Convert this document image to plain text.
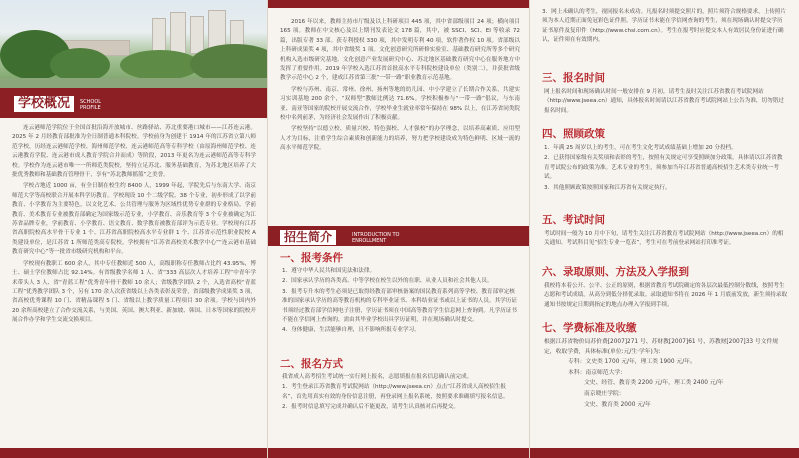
学校概况	SCHOOL PROFILE

连云港师范学院位于全国首批沿海开放城市、丝路驿站、苏北重要港口城市——江苏连云港。2025 年 2 月经教育部批准为全日制普通本科院校。学校前身为创建于 1914 年的江苏省立第八师范学校，历经连云港师范学校、海州师范学校、连云港师范高等专科学校（由原海州师范学校、连云港教育学院、连云港市成人教育学院合并而成）等阶段，2013 年更名为连云港师范高等专科学校。学校作为连云港市唯一一所师范类院校，坚持立足苏北、服务基础教育，为苏北地区培养了大批优秀教师和基础教育管理骨干，享有“苏北教师摇篮”之美誉。

学校占地近 1000 亩，有全日制在校生约 8400 人，1999 年起，学院先后与东南大学、南京师范大学等高校联合开展本科学历教育。学校现设 10 个二级学院、38 个专业，初步形成了以学前教育、小学教育为主要特色，以文化艺术、公共管理与服务为区域性优势专业群的专业格局。学前教育、美术教育专业被教育部确定为国家级示范专业，小学教育、音乐教育等 3 个专业被确定为江苏省品牌专业，学前教育、小学教育、语文教育、数学教育被教育部评为示范专业。学校现有江苏省高职院校高水平骨干专业 1 个、江苏省高职院校高水平专业群 1 个、江苏省示范性职业院校 A 类建设单位，是江苏省 1 所师范类高专院校。学校拥有“江苏省高校美术教学中心”“连云港市基础教育研究中心”等一批省市级研究机构和平台。

学校现有教职工 600 余人，其中专任教师近 500 人，高级职称专任教师占比约 43.95%，博士、硕士学位教师占比 92.14%。有省级教学名师 1 人、省“333 高层次人才培养工程”中青年学术带头人 3 人、省“青蓝工程”优秀青年骨干教师 10 余人；省级教学团队 2 个，入选省高校“青蓝工程”优秀教学团队 3 个，另有 170 余人次获省级以上各类表彰及荣誉，省部级教学成果奖 3 项，省高校优秀课程 10 门、省精品课程 5 门、省级以上教学质量工程项目 30 余项。学校与国内外 20 余所高校建立了合作交流关系，与美国、英国、澳大利亚、新加坡、韩国、日本等国家的院校开展合作办学和学生交流交换项目。

2016 年以来，教师主持市厅级及以上科研项目 445 项，其中省部级项目 24 项；横向项目 165 项。教师在中文核心及以上期刊发表论文 178 篇，其中，被 SSCI、SCI、EI 等收录 72 篇，出版专著 33 部。获专利授权 330 项，其中发明专利 40 项，软件著作权 10 项。省部级以上科研成果奖 4 项，其中省级奖 1 项。文化创意研究所研修实验室、基础教育研究所等多个研究机构入选市级研究基地。文化创意产业发展研究中心、苏北地区基础教育研究中心在服务地方中发挥了重要作用。2019 年学校入选江苏省首批高水平专科院校建设单位（类别二），并获批省级教学示范中心 2 个，建成江苏省第三批“一带一路”职业教育示范基地。

学校与苏州、南京、常州、徐州、扬州等地的幼儿园、中小学建立了长期合作关系，共建实习实训基地 200 余个，“双师型”教师比例达 71.6%。学校积极参与“一带一路”倡议，与东南亚、南亚等国家的院校开展交流合作，学校毕业生就业率常年保持在 98% 以上，在江苏省同类院校中名列前茅，为经济社会发展作出了积极贡献。

学校坚持“以德立校、质量兴校、特色强校、人才强校”的办学理念，以培养高素质、应用型人才为目标，注重学生综合素质和创新能力的培养，努力把学校建设成为特色鲜明、区域一流的高水平师范学院。

招生简介	INTRODUCTION TO ENROLLMENT
一、报考条件

1．遵守中华人民共和国宪法和法律。

2．国家承认学历的各类高、中等学校在校生以外的在职、从业人员和社会其他人员。

3．报考专升本的考生必须是已取得经教育部审核备案的国民教育系列高等学校、教育部审定核准的国家承认学历的高等教育机构的专科毕业证书、本科结业证书或以上证书的人员。其学历证书须经过教育部学信网电子注册，学历证书须在中国高等教育学生信息网上查询到。凡学历证书不能在学信网上查询的，需由其毕业学校出具学历证明，并在现场确认时提交。

4．身体健康，生活能够自理，且不影响所报专业学习。

二、报名方式

我省成人高考招生考试统一实行网上报名，志愿填报在报名信息确认前完成。

1．考生登录江苏省教育考试院网站（http://www.jseea.cn）点击“江苏省成人高校招生报名”，首先用真实有效的身份信息注册，再登录网上报名系统，按照要求准确填写报名信息。

2．报考时信息填写完成并确认后不能更改，请考生认真核对后再提交。

3．网上未确认的考生，视同报名未成功。凡报名时须提交照片的，照片须符合规格要求，上传照片须为本人近期正面免冠彩色证件照。学历证书未能在学信网查询的考生，须在现场确认时提交学历证书原件及复印件（http://www.chsi.com.cn）。考生在报考时应提交本人有效居民身份证进行确认，证件须在有效期内。

三、报名时间

网上报名时间和现场确认时间一般安排在 9 月初，请考生及时关注江苏省教育考试院网站（http://www.jseea.cn）通知，具体报名时间请以江苏省教育考试院网站上公告为准，切勿错过报名时间。

四、照顾政策

1．年满 25 周岁以上的考生，可在考生文化考试成绩基础上增加 20 分投档。

2．已获得国家级有关奖项和表彰的考生，按照有关规定可享受照顾加分政策，具体请以江苏省教育考试院公布的政策为准。艺术专业的考生，须参加当年江苏省普通高校招生艺术类专业统一考试。

3．其他照顾政策按照国家和江苏省有关规定执行。

五、考试时间

考试时间一般为 10 月中下旬，请考生关注江苏省教育考试院网站（http://www.jseea.cn）的相关通知。考试科目见“招生专业一览表”，考生可在考前登录网站打印准考证。

六、录取原则、方法及入学报到

我校将本着公开、公平、公正的原则，根据省教育考试院确定的各层次最低控制分数线，按照考生志愿和考试成绩，从高分到低分择优录取。录取通知书将在 2026 年 1 月底前发放，新生须持录取通知书按规定日期到指定的地点办理入学报到手续。

七、学费标准及收缴

根据江苏省物价局苏价费[2007]271 号、苏财教[2007]61 号、苏教财[2007]33 号文件规定，收取学费，具体标准(单位:元/生·学年)为:

专科：文史类 1700 元/年，理工类 1900 元/年。

本科：南京师范大学：

文史、经管、教育类 2200 元/年，理工类 2400 元/年

南京晓庄学院：

文史、教育类 2000 元/年
